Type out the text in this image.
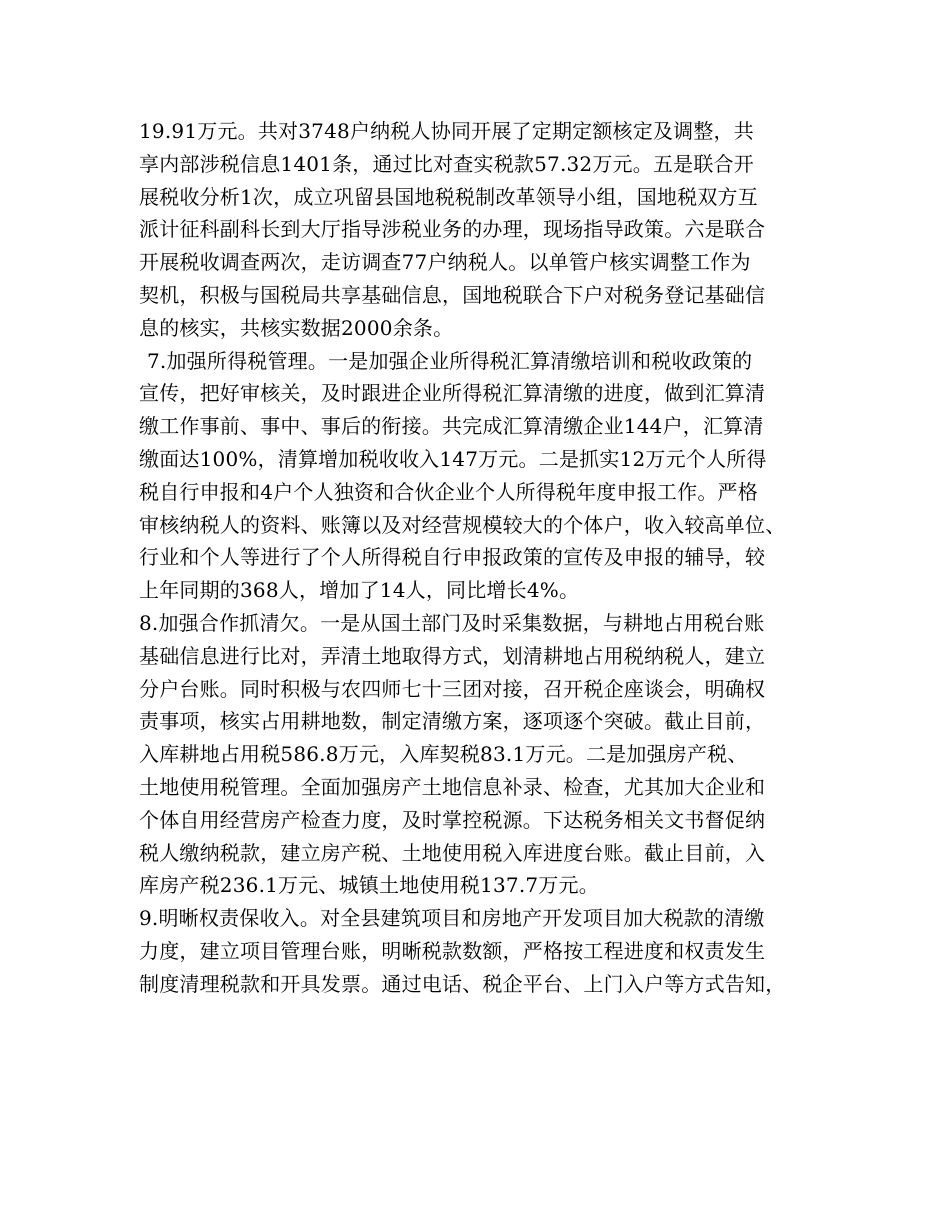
19.91万元。共对3748户纳税人协同开展了定期定额核定及调整，共
享内部涉税信息1401条，通过比对查实税款57.32万元。五是联合开
展税收分析1次，成立巩留县国地税税制改革领导小组，国地税双方互
派计征科副科长到大厅指导涉税业务的办理，现场指导政策。六是联合
开展税收调查两次，走访调查77户纳税人。以单管户核实调整工作为
契机，积极与国税局共享基础信息，国地税联合下户对税务登记基础信
息的核实，共核实数据2000余条。
7.加强所得税管理。一是加强企业所得税汇算清缴培训和税收政策的
宣传，把好审核关，及时跟进企业所得税汇算清缴的进度，做到汇算清
缴工作事前、事中、事后的衔接。共完成汇算清缴企业144户，汇算清
缴面达100%，清算增加税收收入147万元。二是抓实12万元个人所得
税自行申报和4户个人独资和合伙企业个人所得税年度申报工作。严格
审核纳税人的资料、账簿以及对经营规模较大的个体户，收入较高单位、
行业和个人等进行了个人所得税自行申报政策的宣传及申报的辅导，较
上年同期的368人，增加了14人，同比增长4%。
8.加强合作抓清欠。一是从国土部门及时采集数据，与耕地占用税台账
基础信息进行比对，弄清土地取得方式，划清耕地占用税纳税人，建立
分户台账。同时积极与农四师七十三团对接，召开税企座谈会，明确权
责事项，核实占用耕地数，制定清缴方案，逐项逐个突破。截止目前，
入库耕地占用税586.8万元，入库契税83.1万元。二是加强房产税、
土地使用税管理。全面加强房产土地信息补录、检查，尤其加大企业和
个体自用经营房产检查力度，及时掌控税源。下达税务相关文书督促纳
税人缴纳税款，建立房产税、土地使用税入库进度台账。截止目前，入
库房产税236.1万元、城镇土地使用税137.7万元。
9.明晰权责保收入。对全县建筑项目和房地产开发项目加大税款的清缴
力度，建立项目管理台账，明晰税款数额，严格按工程进度和权责发生
制度清理税款和开具发票。通过电话、税企平台、上门入户等方式告知，
